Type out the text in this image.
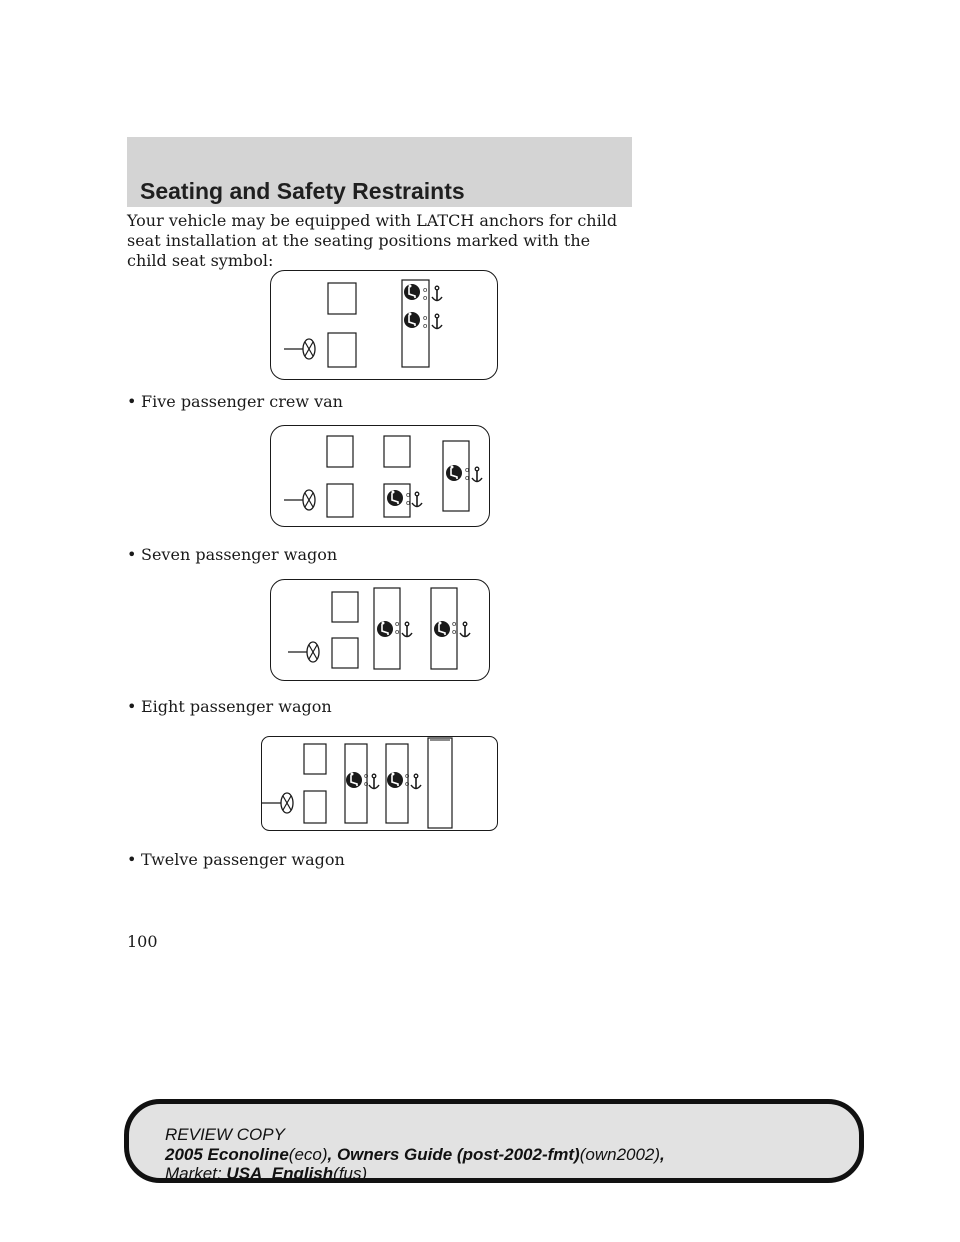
Seating and Safety Restraints

Your vehicle may be equipped with LATCH anchors for child seat installation at the seating positions marked with the child seat symbol:

o
o
o
o

• Five passenger crew van

o
o
o
o

• Seven passenger wagon

o
o
o
o

• Eight passenger wagon

o
o
o
o

• Twelve passenger wagon

100

REVIEW COPY

2005 Econoline(eco), Owners Guide (post-2002-fmt)(own2002),

Market: USA_English(fus)
